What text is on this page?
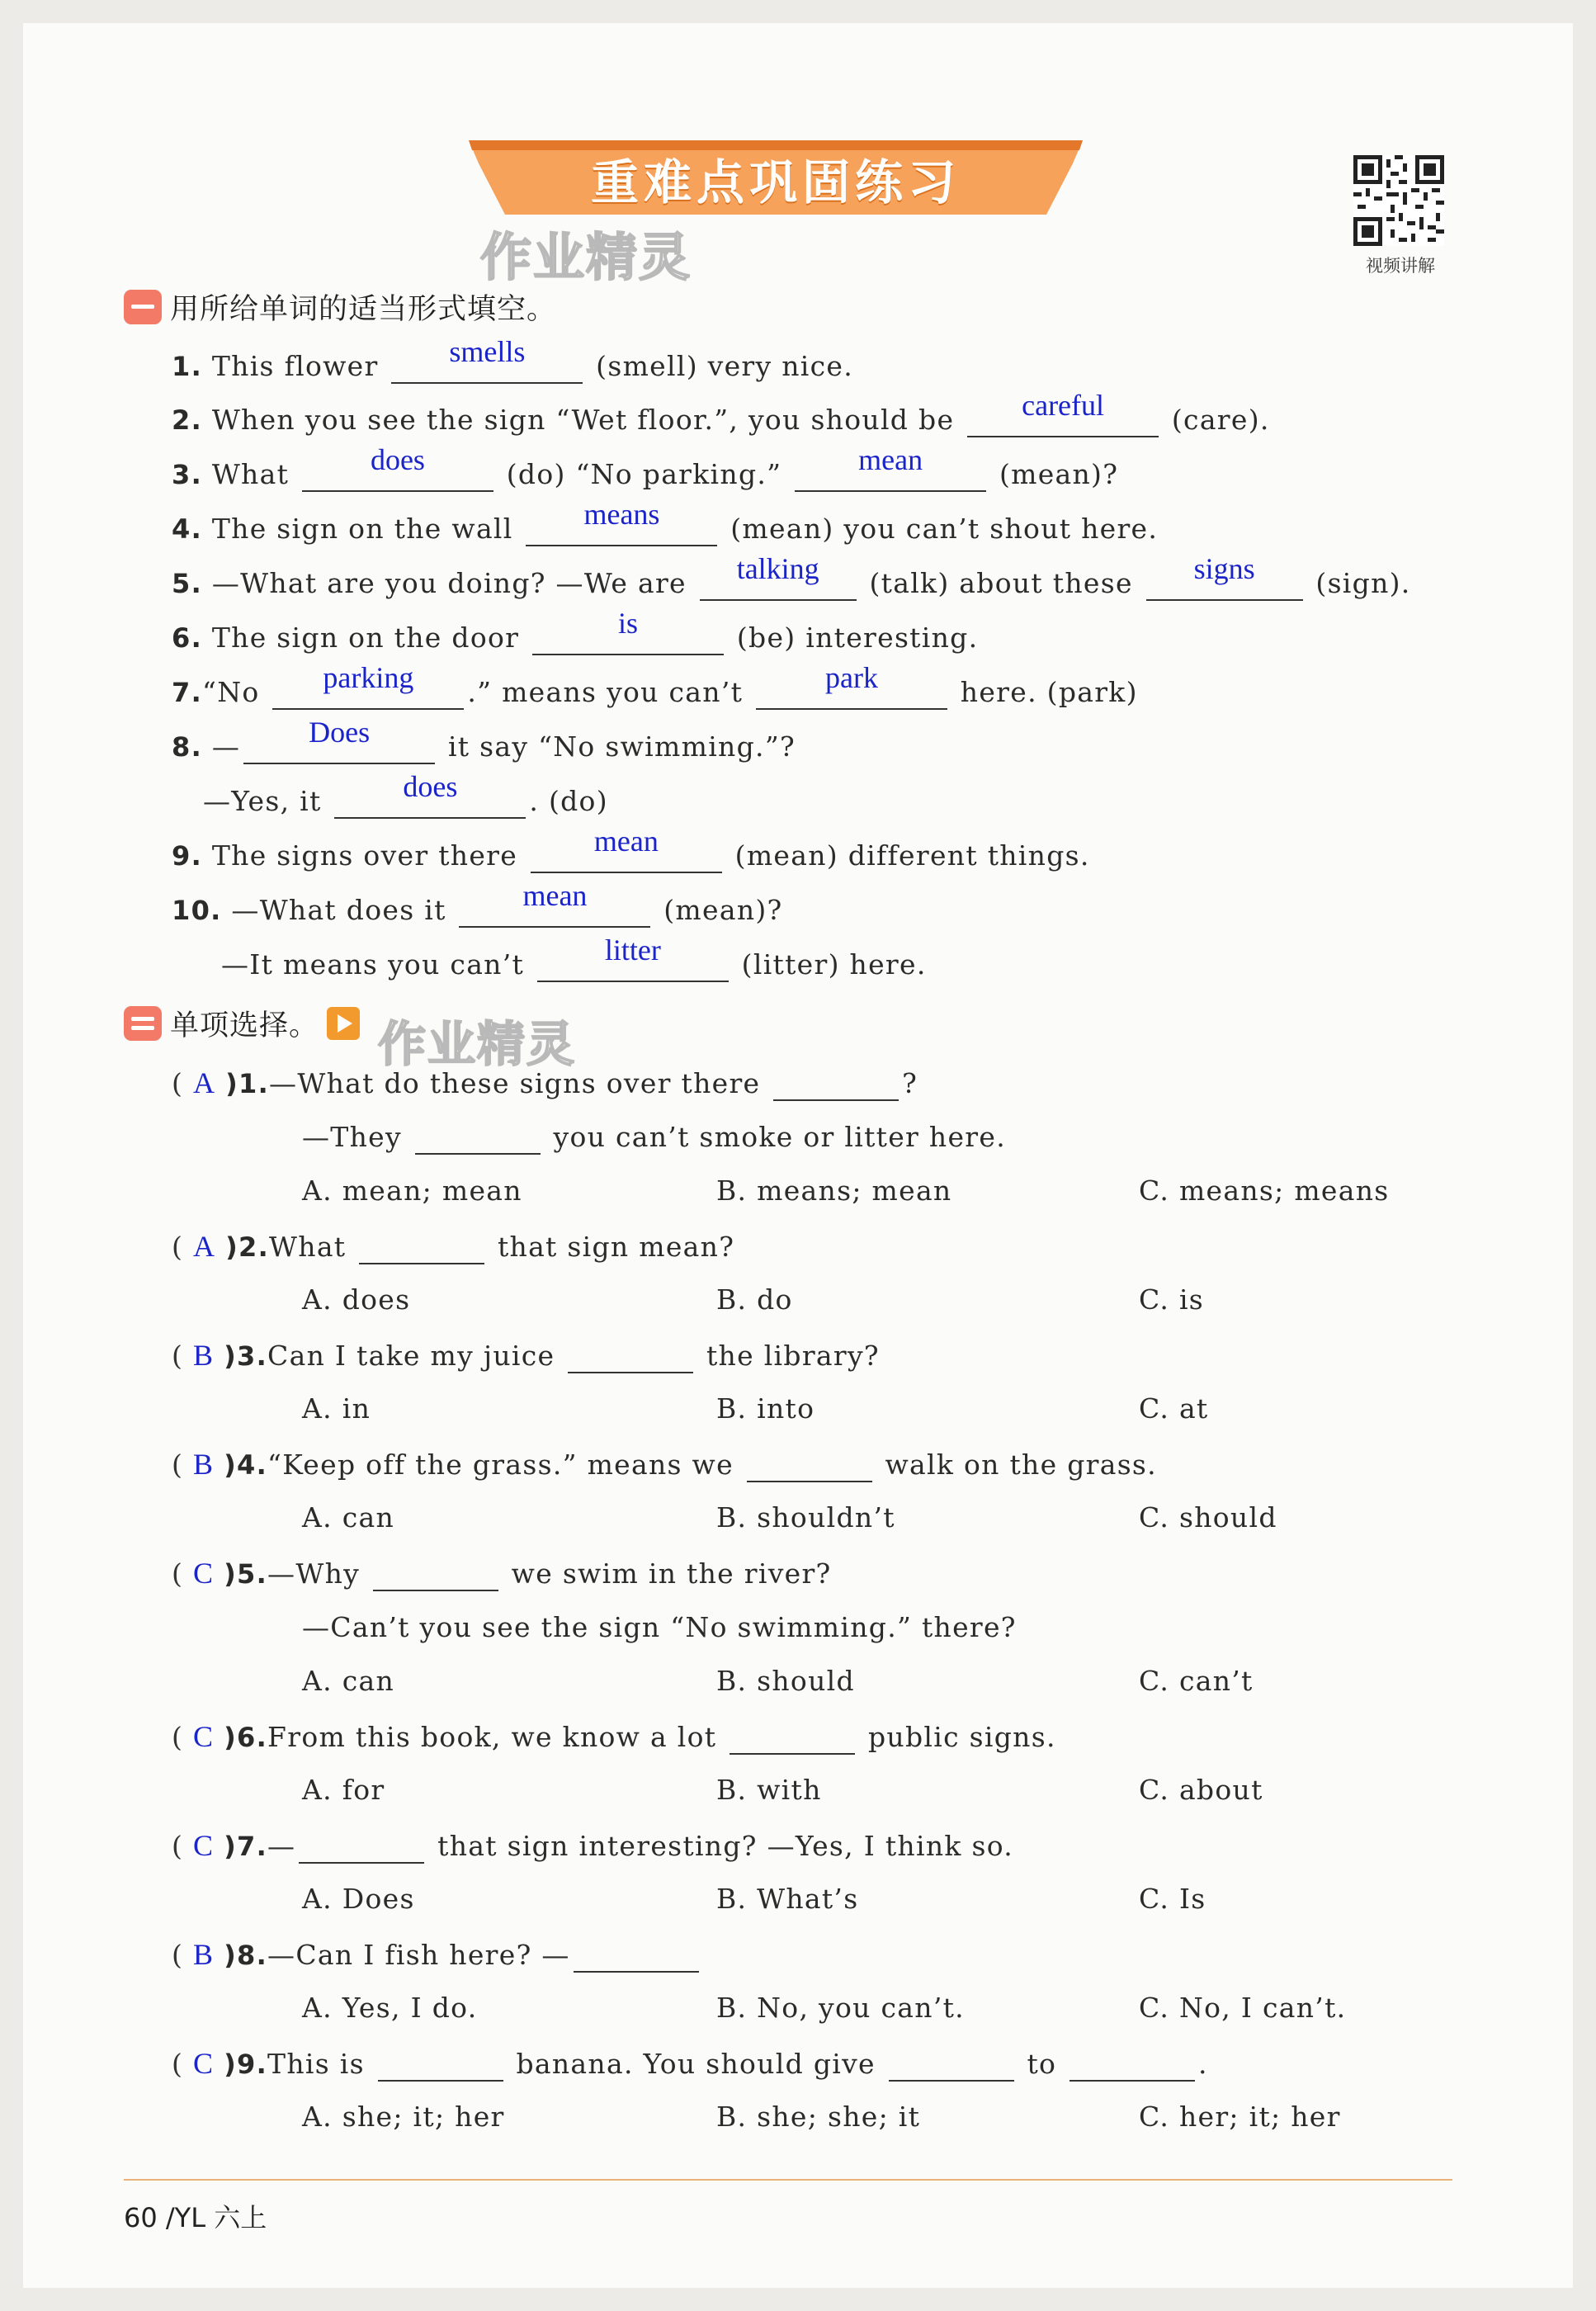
重难点巩固练习
作业精灵	视频讲解
用所给单词的适当形式填空。
1. This flower	smells	(smell) very nice.
2. When you see the sign “Wet floor.”, you should be	careful	(care).
3. What	does	(do) “No parking.”	mean	(mean)?
4. The sign on the wall	means	(mean) you can’t shout here.
5. —What are you doing? —We are	talking	(talk) about these	signs	(sign).
6. The sign on the door	is	(be) interesting.
7.“No	parking	.” means you can’t	park	here. (park)
8. —	Does	it say “No swimming.”?
—Yes, it	does	. (do)
9. The signs over there	mean	(mean) different things.
10. —What does it	mean	(mean)?
—It means you can’t	litter	(litter) here.
单项选择。 作业精灵
( A )1.—What do these signs over there	?
—They	you can’t smoke or litter here.
A. mean; mean	B. means; mean	C. means; means
( A )2.What	that sign mean?
A. does	B. do	C. is
( B )3.Can I take my juice	the library?
A. in	B. into	C. at
( B )4.“Keep off the grass.” means we	walk on the grass.
A. can	B. shouldn’t	C. should
( C )5.—Why	we swim in the river?
—Can’t you see the sign “No swimming.” there?
A. can	B. should	C. can’t
( C )6.From this book, we know a lot	public signs.
A. for	B. with	C. about
( C )7.—	that sign interesting? —Yes, I think so.
A. Does	B. What’s	C. Is
( B )8.—Can I fish here? —
A. Yes, I do.	B. No, you can’t.	C. No, I can’t.
( C )9.This is	banana. You should give	to	.
A. she; it; her	B. she; she; it	C. her; it; her
60 /YL 六上
